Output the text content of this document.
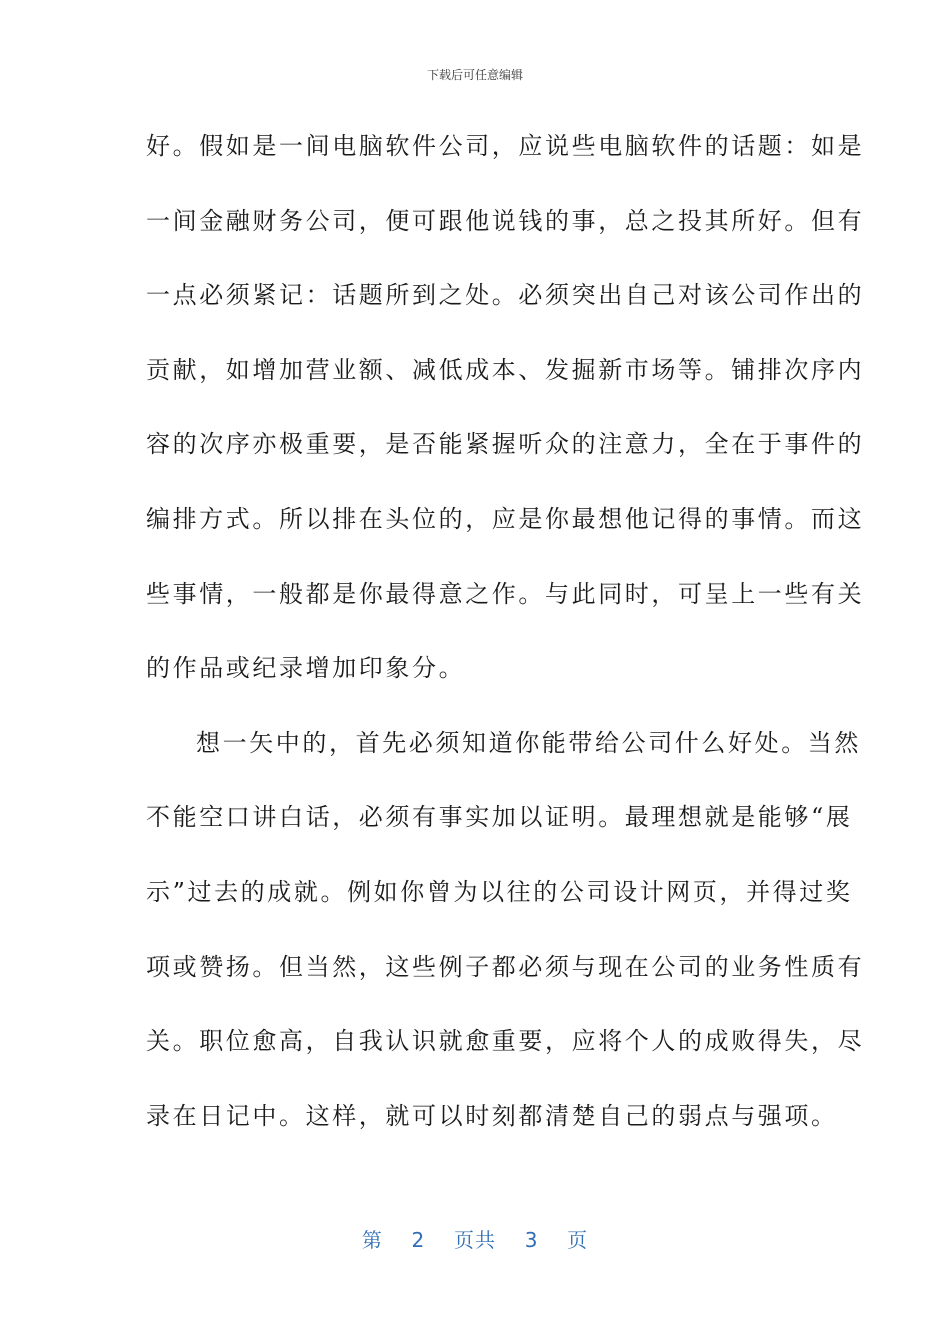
下载后可任意编辑
好。假如是一间电脑软件公司，应说些电脑软件的话题：如是
一间金融财务公司，便可跟他说钱的事，总之投其所好。但有
一点必须紧记：话题所到之处。必须突出自己对该公司作出的
贡献，如增加营业额、减低成本、发掘新市场等。铺排次序内
容的次序亦极重要，是否能紧握听众的注意力，全在于事件的
编排方式。所以排在头位的，应是你最想他记得的事情。而这
些事情，一般都是你最得意之作。与此同时，可呈上一些有关
的作品或纪录增加印象分。
想一矢中的，首先必须知道你能带给公司什么好处。当然
不能空口讲白话，必须有事实加以证明。最理想就是能够“展
示”过去的成就。例如你曾为以往的公司设计网页，并得过奖
项或赞扬。但当然，这些例子都必须与现在公司的业务性质有
关。职位愈高，自我认识就愈重要，应将个人的成败得失，尽
录在日记中。这样，就可以时刻都清楚自己的弱点与强项。
第 2 页共 3 页
